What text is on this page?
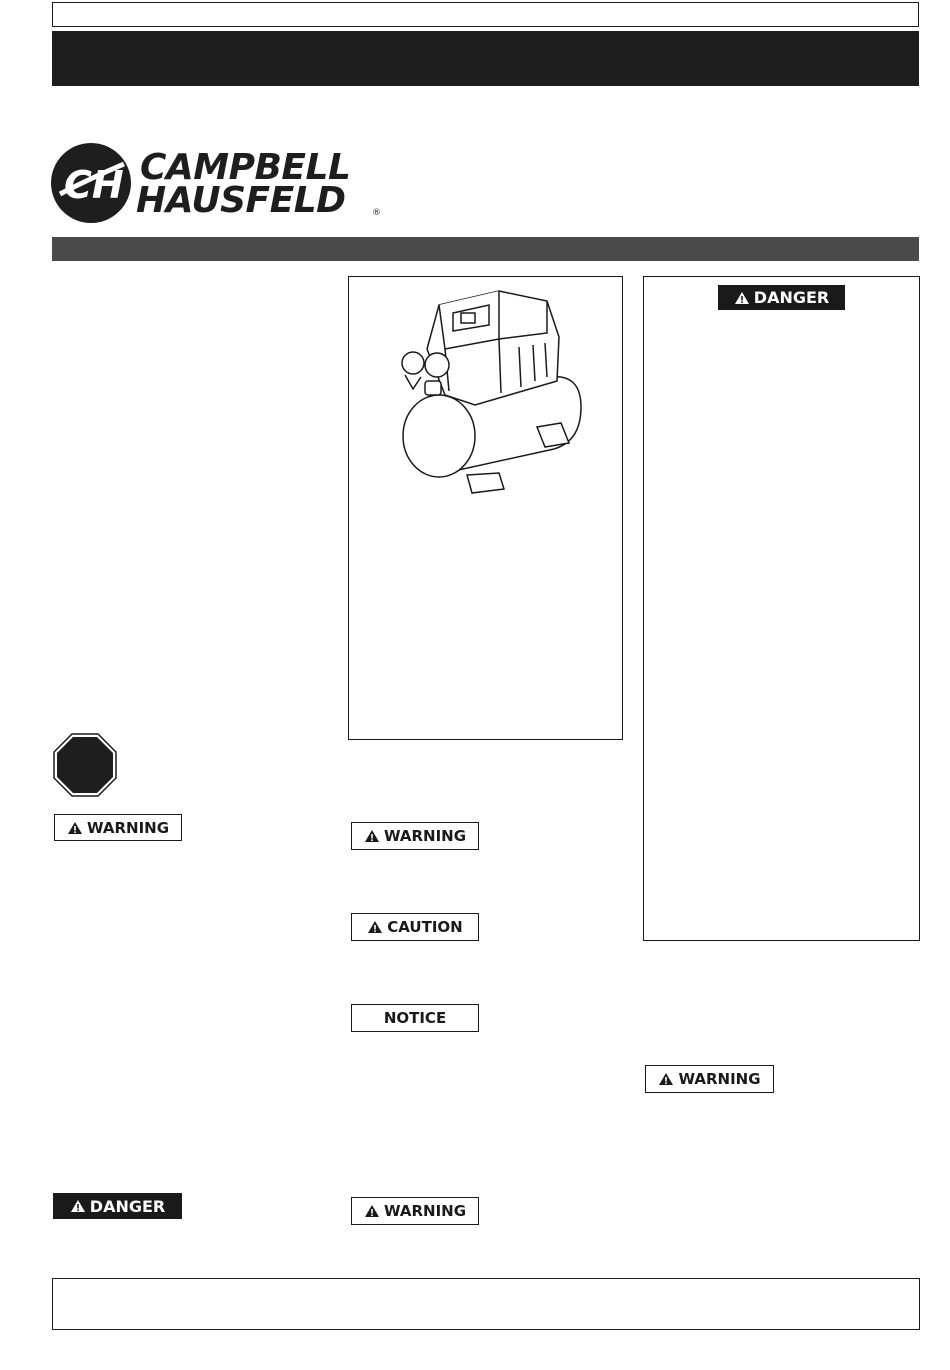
CH CAMPBELL
HAUSFELD	®
DANGER
WARNING
DANGER
WARNING
CAUTION
NOTICE
WARNING
WARNING
